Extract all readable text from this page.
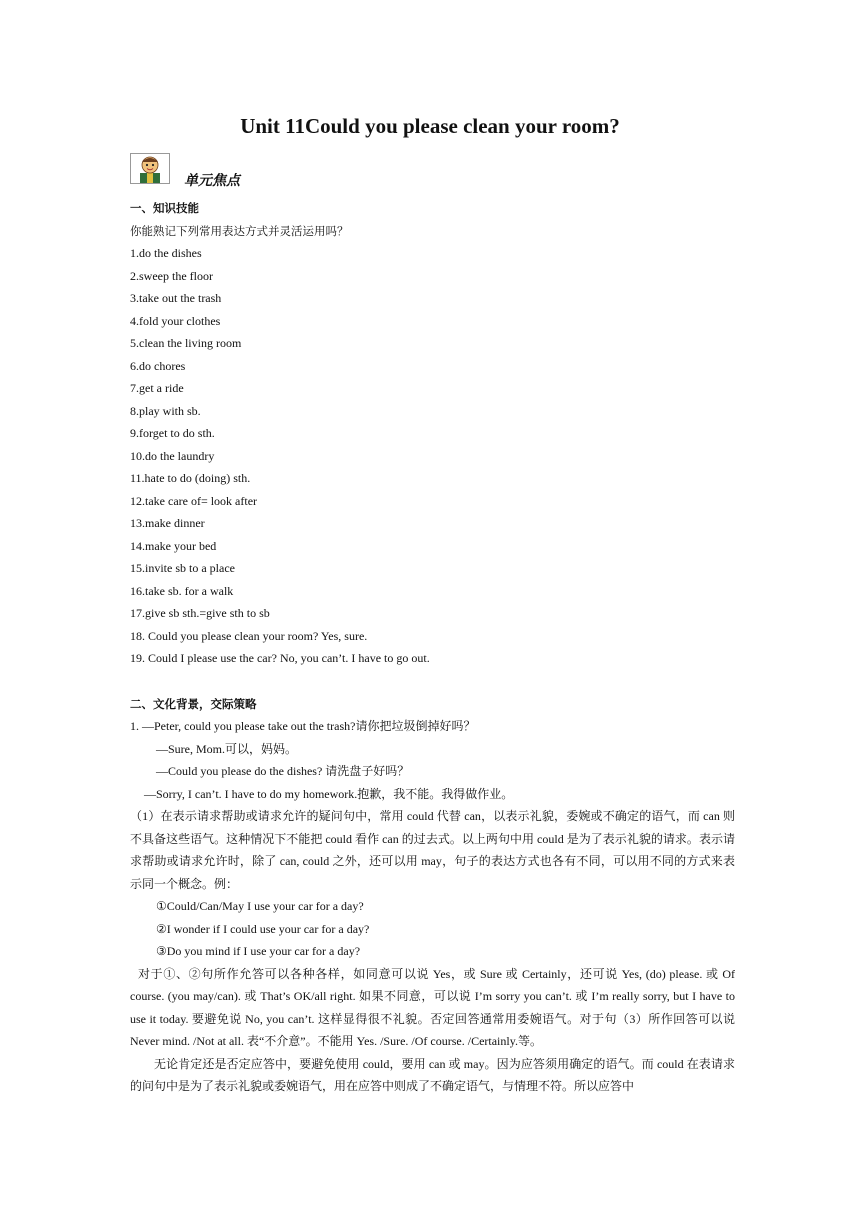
Unit 11Could you please clean your room?
单元焦点
一、知识技能
你能熟记下列常用表达方式并灵活运用吗？
1.do the dishes
2.sweep the floor
3.take out the trash
4.fold your clothes
5.clean the living room
6.do chores
7.get a ride
8.play with sb.
9.forget to do sth.
10.do the laundry
11.hate to do (doing) sth.
12.take care of= look after
13.make dinner
14.make your bed
15.invite sb to a place
16.take sb. for a walk
17.give sb sth.=give sth to sb
18. Could you please clean your room? Yes, sure.
19. Could I please use the car? No, you can’t. I have to go out.
二、文化背景，交际策略
1. —Peter, could you please take out the trash?请你把垃圾倒掉好吗？
—Sure, Mom.可以，妈妈。
—Could you please do the dishes? 请洗盘子好吗？
—Sorry, I can’t. I have to do my homework.抱歉，我不能。我得做作业。
（1）在表示请求帮助或请求允许的疑问句中，常用 could 代替 can，以表示礼貌，委婉或不确定的语气，而 can 则不具备这些语气。这种情况下不能把 could 看作 can 的过去式。以上两句中用 could 是为了表示礼貌的请求。表示请求帮助或请求允许时，除了 can, could 之外，还可以用 may，句子的表达方式也各有不同，可以用不同的方式来表示同一个概念。例：
①Could/Can/May I use your car for a day?
②I wonder if I could use your car for a day?
③Do you mind if I use your car for a day?
对于①、②句所作允答可以各种各样，如同意可以说 Yes，或 Sure 或 Certainly，还可说 Yes, (do) please. 或 Of course. (you may/can). 或 That’s OK/all right. 如果不同意，可以说 I’m sorry you can’t. 或 I’m really sorry, but I have to use it today. 要避免说 No, you can’t. 这样显得很不礼貌。否定回答通常用委婉语气。对于句（3）所作回答可以说 Never mind. /Not at all. 表“不介意”。不能用 Yes. /Sure. /Of course. /Certainly.等。
无论肯定还是否定应答中，要避免使用 could，要用 can 或 may。因为应答须用确定的语气。而 could 在表请求的问句中是为了表示礼貌或委婉语气，用在应答中则成了不确定语气，与情理不符。所以应答中
